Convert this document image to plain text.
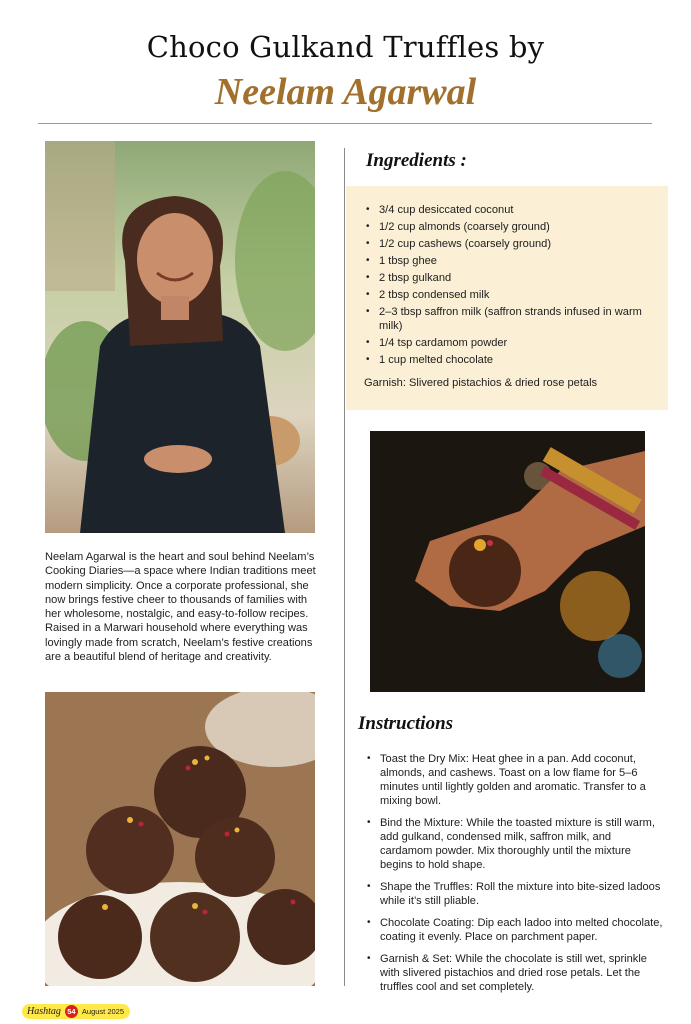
Choco Gulkand Truffles by
Neelam Agarwal
Neelam Agarwal is the heart and soul behind Neelam’s Cooking Diaries—a space where Indian traditions meet modern simplicity. Once a corporate professional, she now brings festive cheer to thousands of families with her wholesome, nostalgic, and easy-to-follow recipes. Raised in a Marwari household where everything was lovingly made from scratch, Neelam’s festive creations are a beautiful blend of heritage and creativity.
Ingredients :
• 3/4 cup desiccated coconut
• 1/2 cup almonds (coarsely ground)
• 1/2 cup cashews (coarsely ground)
• 1 tbsp ghee
• 2 tbsp gulkand
• 2 tbsp condensed milk
• 2–3 tbsp saffron milk (saffron strands infused in warm milk)
• 1/4 tsp cardamom powder
• 1 cup melted chocolate
Garnish: Slivered pistachios & dried rose petals
Instructions
• Toast the Dry Mix: Heat ghee in a pan. Add coconut, almonds, and cashews. Toast on a low flame for 5–6 minutes until lightly golden and aromatic. Transfer to a mixing bowl.
• Bind the Mixture: While the toasted mixture is still warm, add gulkand, condensed milk, saffron milk, and cardamom powder. Mix thoroughly until the mixture begins to hold shape.
• Shape the Truffles: Roll the mixture into bite-sized ladoos while it’s still pliable.
• Chocolate Coating: Dip each ladoo into melted chocolate, coating it evenly. Place on parchment paper.
• Garnish & Set: While the chocolate is still wet, sprinkle with slivered pistachios and dried rose petals. Let the truffles cool and set completely.
Hashtag 54 August 2025
